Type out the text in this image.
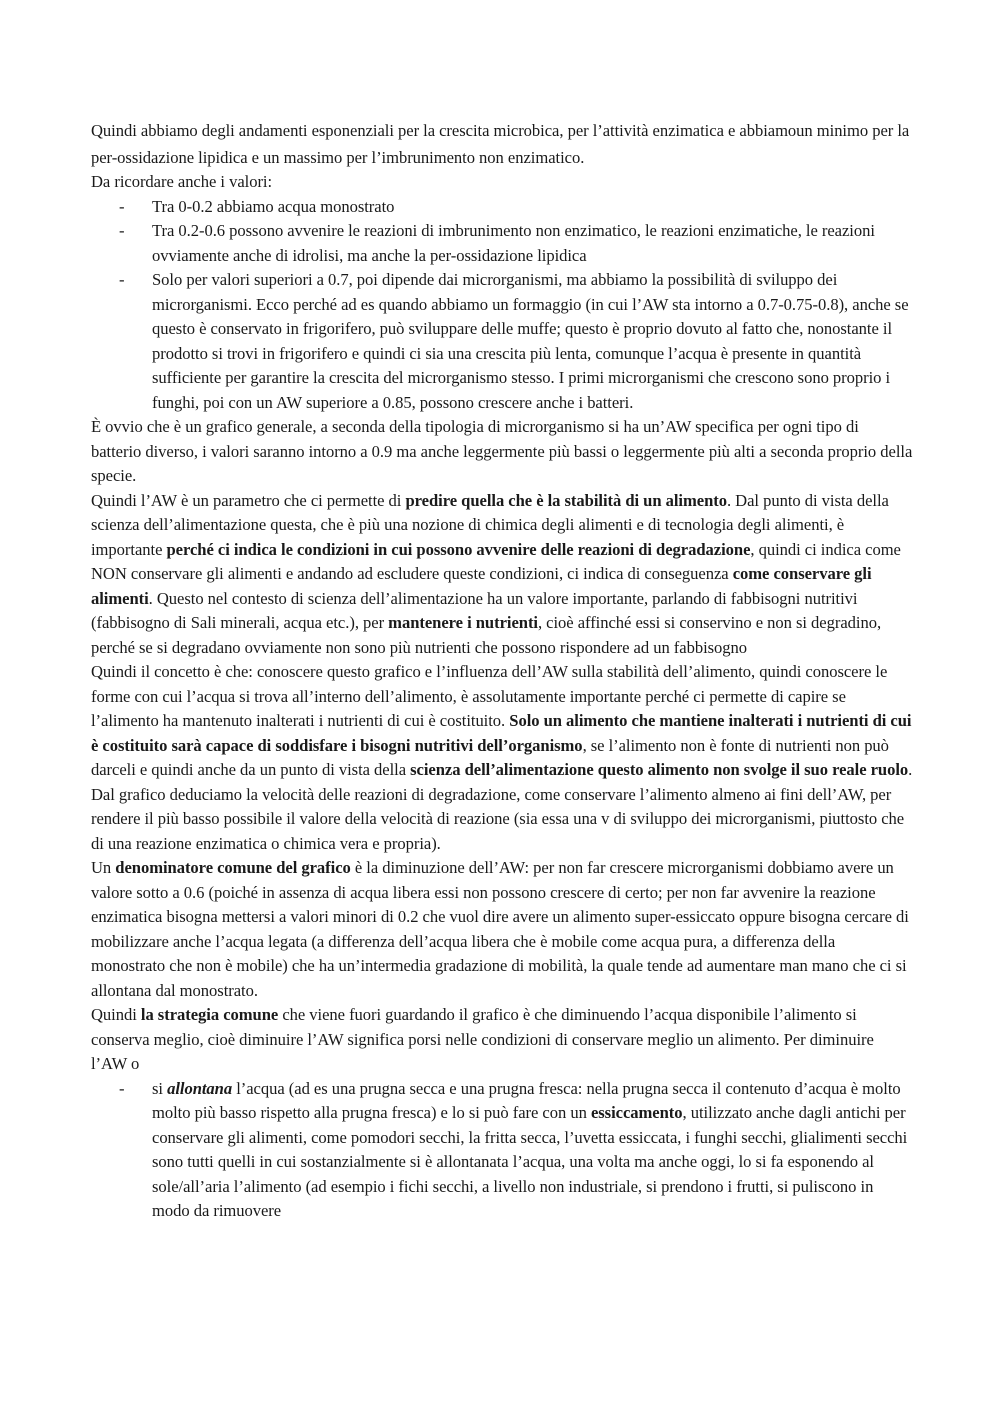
Quindi abbiamo degli andamenti esponenziali per la crescita microbica, per l’attività enzimatica e abbiamoun minimo per la per-ossidazione lipidica e un massimo per l’imbrunimento non enzimatico.

Da ricordare anche i valori:

- Tra 0-0.2 abbiamo acqua monostrato
- Tra 0.2-0.6 possono avvenire le reazioni di imbrunimento non enzimatico, le reazioni enzimatiche, le reazioni ovviamente anche di idrolisi, ma anche la per-ossidazione lipidica
- Solo per valori superiori a 0.7, poi dipende dai microrganismi, ma abbiamo la possibilità di sviluppo dei microrganismi. Ecco perché ad es quando abbiamo un formaggio (in cui l’AW sta intorno a 0.7-0.75-0.8), anche se questo è conservato in frigorifero, può sviluppare delle muffe; questo è proprio dovuto al fatto che, nonostante il prodotto si trovi in frigorifero e quindi ci sia una crescita più lenta, comunque l’acqua è presente in quantità sufficiente per garantire la crescita del microrganismo stesso. I primi microrganismi che crescono sono proprio i funghi, poi con un AW superiore a 0.85, possono crescere anche i batteri.

È ovvio che è un grafico generale, a seconda della tipologia di microrganismo si ha un’AW specifica per ogni tipo di batterio diverso, i valori saranno intorno a 0.9 ma anche leggermente più bassi o leggermente più alti a seconda proprio della specie.

Quindi l’AW è un parametro che ci permette di predire quella che è la stabilità di un alimento. Dal punto di vista della scienza dell’alimentazione questa, che è più una nozione di chimica degli alimenti e di tecnologia degli alimenti, è importante perché ci indica le condizioni in cui possono avvenire delle reazioni di degradazione, quindi ci indica come NON conservare gli alimenti e andando ad escludere queste condizioni, ci indica di conseguenza come conservare gli alimenti. Questo nel contesto di scienza dell’alimentazione ha un valore importante, parlando di fabbisogni nutritivi (fabbisogno di Sali minerali, acqua etc.), per mantenere i nutrienti, cioè affinché essi si conservino e non si degradino, perché se si degradano ovviamente non sono più nutrienti che possono rispondere ad un fabbisogno

Quindi il concetto è che: conoscere questo grafico e l’influenza dell’AW sulla stabilità dell’alimento, quindi conoscere le forme con cui l’acqua si trova all’interno dell’alimento, è assolutamente importante perché ci permette di capire se l’alimento ha mantenuto inalterati i nutrienti di cui è costituito. Solo un alimento che mantiene inalterati i nutrienti di cui è costituito sarà capace di soddisfare i bisogni nutritivi dell’organismo, se l’alimento non è fonte di nutrienti non può darceli e quindi anche da un punto di vista della scienza dell’alimentazione questo alimento non svolge il suo reale ruolo. Dal grafico deduciamo la velocità delle reazioni di degradazione, come conservare l’alimento almeno ai fini dell’AW, per rendere il più basso possibile il valore della velocità di reazione (sia essa una v di sviluppo dei microrganismi, piuttosto che di una reazione enzimatica o chimica vera e propria).

Un denominatore comune del grafico è la diminuzione dell’AW: per non far crescere microrganismi dobbiamo avere un valore sotto a 0.6 (poiché in assenza di acqua libera essi non possono crescere di certo; per non far avvenire la reazione enzimatica bisogna mettersi a valori minori di 0.2 che vuol dire avere un alimento super-essiccato oppure bisogna cercare di mobilizzare anche l’acqua legata (a differenza dell’acqua libera che è mobile come acqua pura, a differenza della monostrato che non è mobile) che ha un’intermedia gradazione di mobilità, la quale tende ad aumentare man mano che ci si allontana dal monostrato.

Quindi la strategia comune che viene fuori guardando il grafico è che diminuendo l’acqua disponibile l’alimento si conserva meglio, cioè diminuire l’AW significa porsi nelle condizioni di conservare meglio un alimento. Per diminuire l’AW o

- si allontana l’acqua (ad es una prugna secca e una prugna fresca: nella prugna secca il contenuto d’acqua è molto molto più basso rispetto alla prugna fresca) e lo si può fare con un essiccamento, utilizzato anche dagli antichi per conservare gli alimenti, come pomodori secchi, la fritta secca, l’uvetta essiccata, i funghi secchi, glialimenti secchi sono tutti quelli in cui sostanzialmente si è allontanata l’acqua, una volta ma anche oggi, lo si fa esponendo al sole/all’aria l’alimento (ad esempio i fichi secchi, a livello non industriale, si prendono i frutti, si puliscono in modo da rimuovere
